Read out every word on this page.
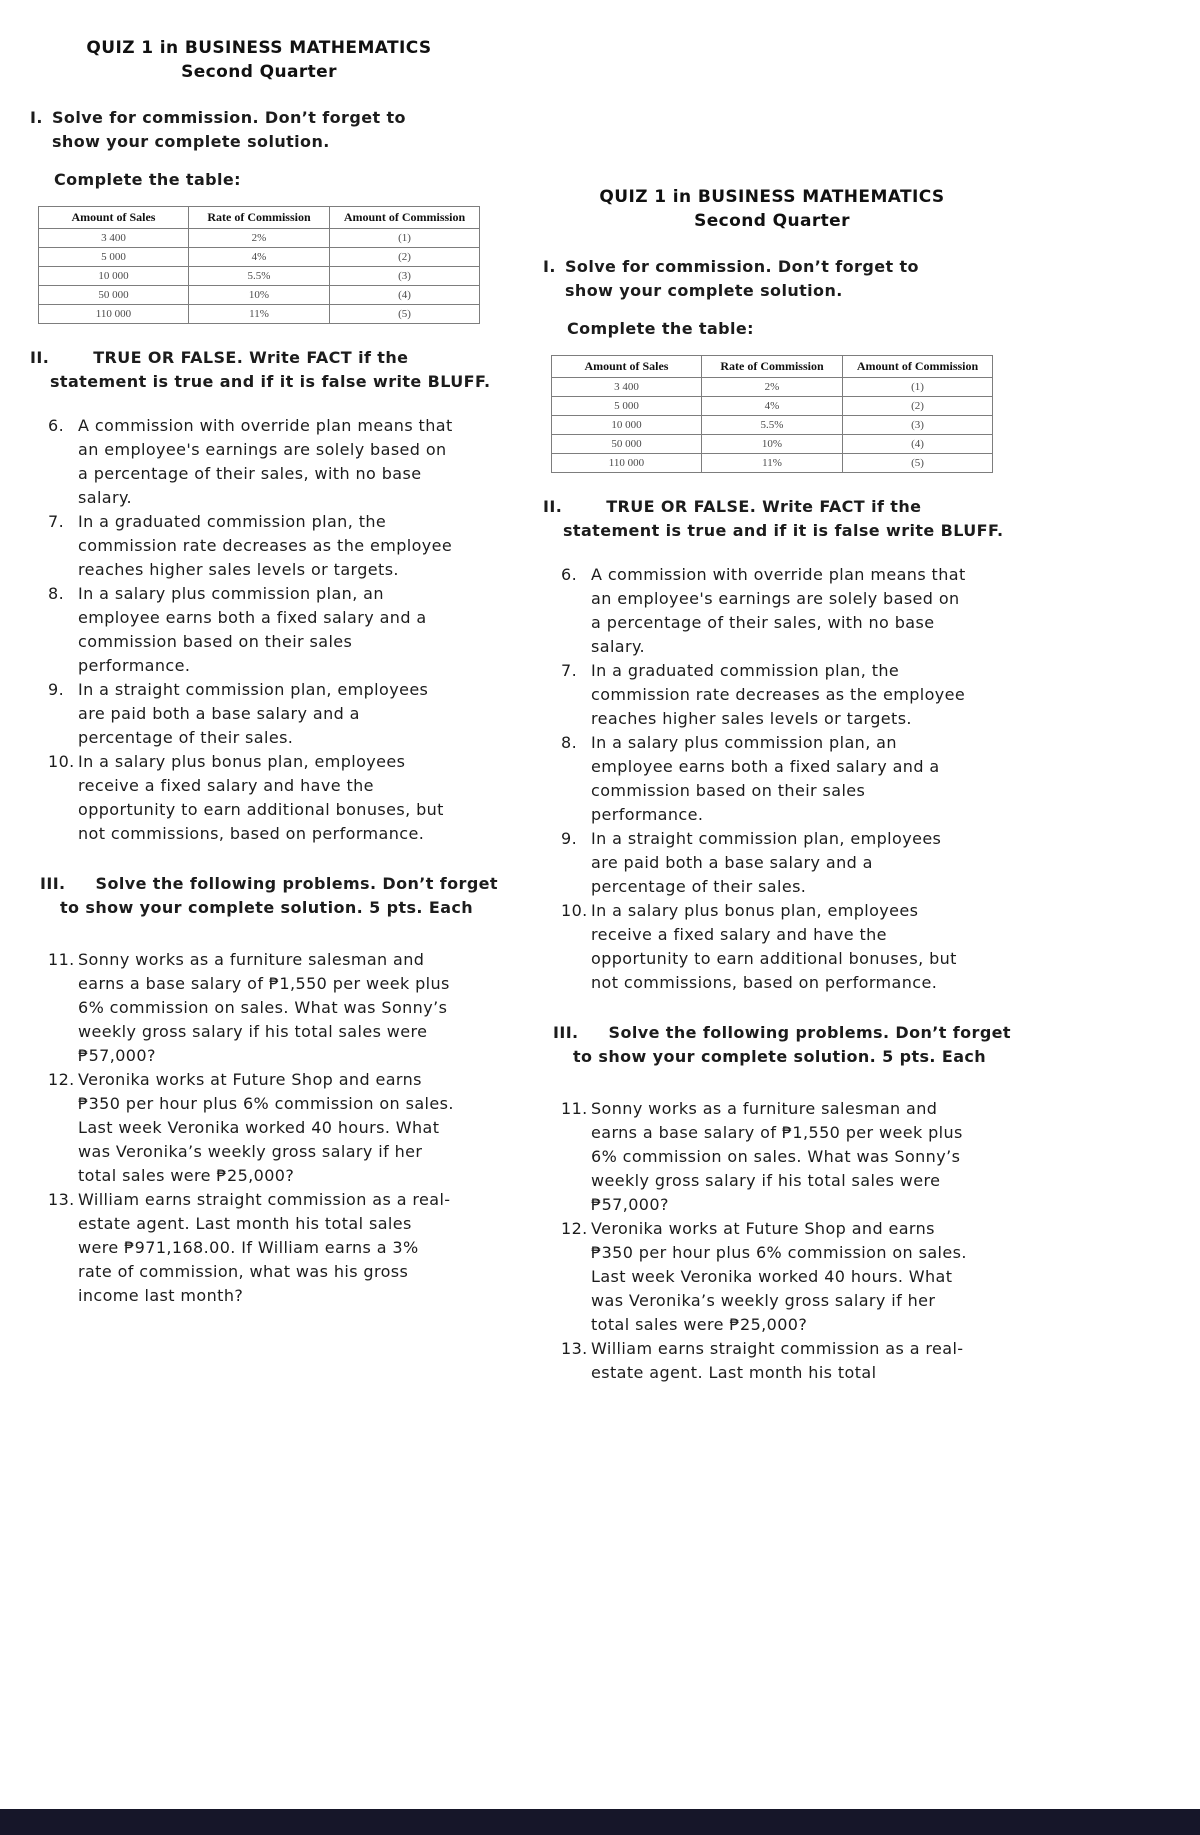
QUIZ 1 in BUSINESS MATHEMATICS
Second Quarter
I. Solve for commission. Don’t forget to show your complete solution.
Complete the table:
Amount of Sales	Rate of Commission	Amount of Commission
3 400	2%	(1)
5 000	4%	(2)
10 000	5.5%	(3)
50 000	10%	(4)
110 000	11%	(5)
II.	TRUE OR FALSE. Write FACT if the statement is true and if it is false write BLUFF.
6. A commission with override plan means that an employee's earnings are solely based on a percentage of their sales, with no base salary.
7. In a graduated commission plan, the commission rate decreases as the employee reaches higher sales levels or targets.
8. In a salary plus commission plan, an employee earns both a fixed salary and a commission based on their sales performance.
9. In a straight commission plan, employees are paid both a base salary and a percentage of their sales.
10. In a salary plus bonus plan, employees receive a fixed salary and have the opportunity to earn additional bonuses, but not commissions, based on performance.
III. Solve the following problems. Don’t forget to show your complete solution. 5 pts. Each
11. Sonny works as a furniture salesman and earns a base salary of ₱1,550 per week plus 6% commission on sales. What was Sonny’s weekly gross salary if his total sales were ₱57,000?
12. Veronika works at Future Shop and earns ₱350 per hour plus 6% commission on sales. Last week Veronika worked 40 hours. What was Veronika’s weekly gross salary if her total sales were ₱25,000?
13. William earns straight commission as a real-estate agent. Last month his total sales were ₱971,168.00. If William earns a 3% rate of commission, what was his gross income last month?
QUIZ 1 in BUSINESS MATHEMATICS
Second Quarter
I. Solve for commission. Don’t forget to show your complete solution.
Complete the table:
Amount of Sales	Rate of Commission	Amount of Commission
3 400	2%	(1)
5 000	4%	(2)
10 000	5.5%	(3)
50 000	10%	(4)
110 000	11%	(5)
II.	TRUE OR FALSE. Write FACT if the statement is true and if it is false write BLUFF.
6. A commission with override plan means that an employee's earnings are solely based on a percentage of their sales, with no base salary.
7. In a graduated commission plan, the commission rate decreases as the employee reaches higher sales levels or targets.
8. In a salary plus commission plan, an employee earns both a fixed salary and a commission based on their sales performance.
9. In a straight commission plan, employees are paid both a base salary and a percentage of their sales.
10. In a salary plus bonus plan, employees receive a fixed salary and have the opportunity to earn additional bonuses, but not commissions, based on performance.
III. Solve the following problems. Don’t forget to show your complete solution. 5 pts. Each
11. Sonny works as a furniture salesman and earns a base salary of ₱1,550 per week plus 6% commission on sales. What was Sonny’s weekly gross salary if his total sales were ₱57,000?
12. Veronika works at Future Shop and earns ₱350 per hour plus 6% commission on sales. Last week Veronika worked 40 hours. What was Veronika’s weekly gross salary if her total sales were ₱25,000?
13. William earns straight commission as a real-estate agent. Last month his total
